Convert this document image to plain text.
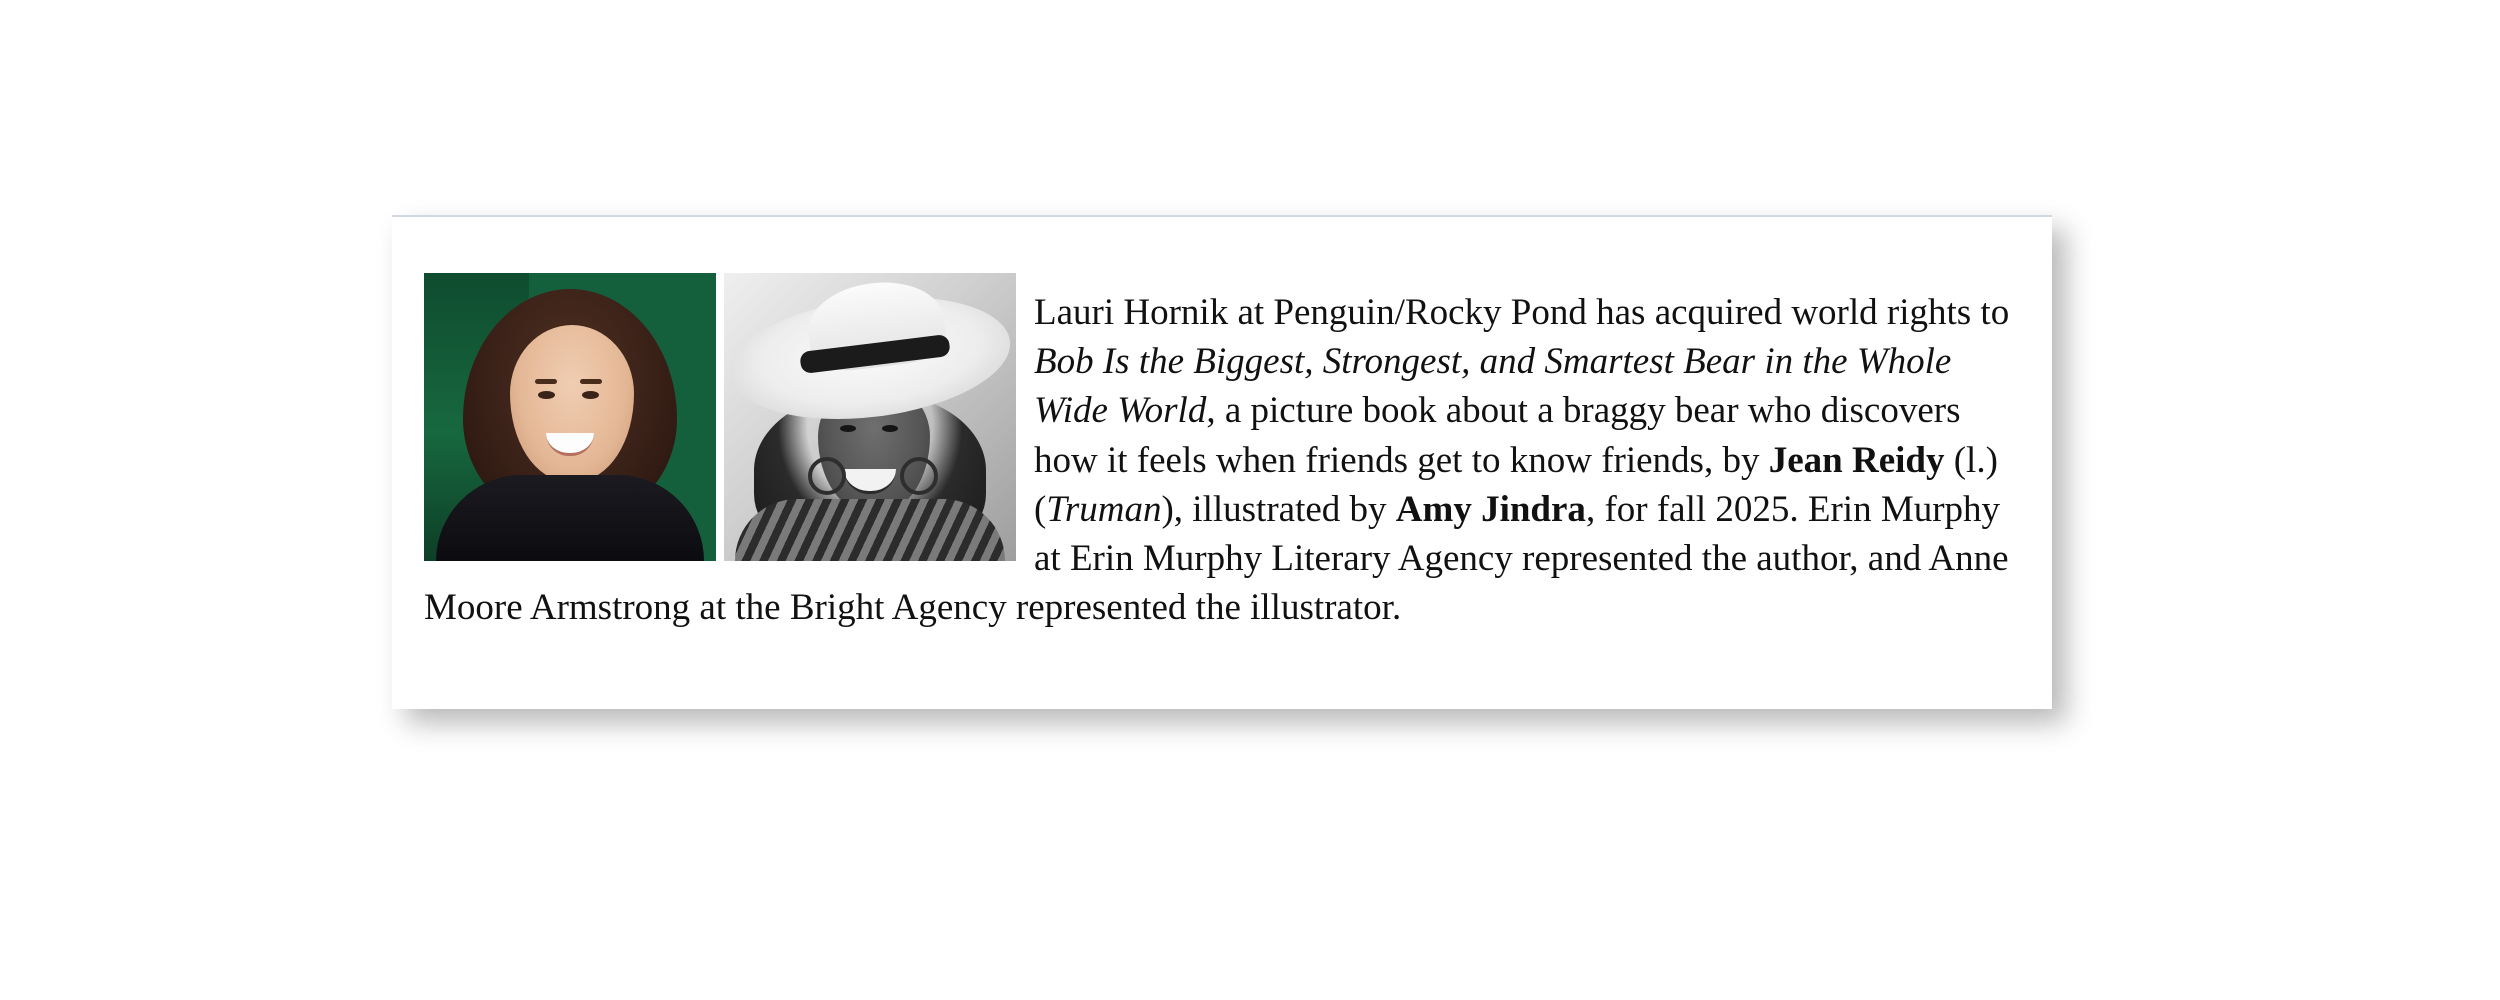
Lauri Hornik at Penguin/Rocky Pond has acquired world rights to Bob Is the Biggest, Strongest, and Smartest Bear in the Whole Wide World, a picture book about a braggy bear who discovers how it feels when friends get to know friends, by Jean Reidy (l.) (Truman), illustrated by Amy Jindra, for fall 2025. Erin Murphy at Erin Murphy Literary Agency represented the author, and Anne Moore Armstrong at the Bright Agency represented the illustrator.
